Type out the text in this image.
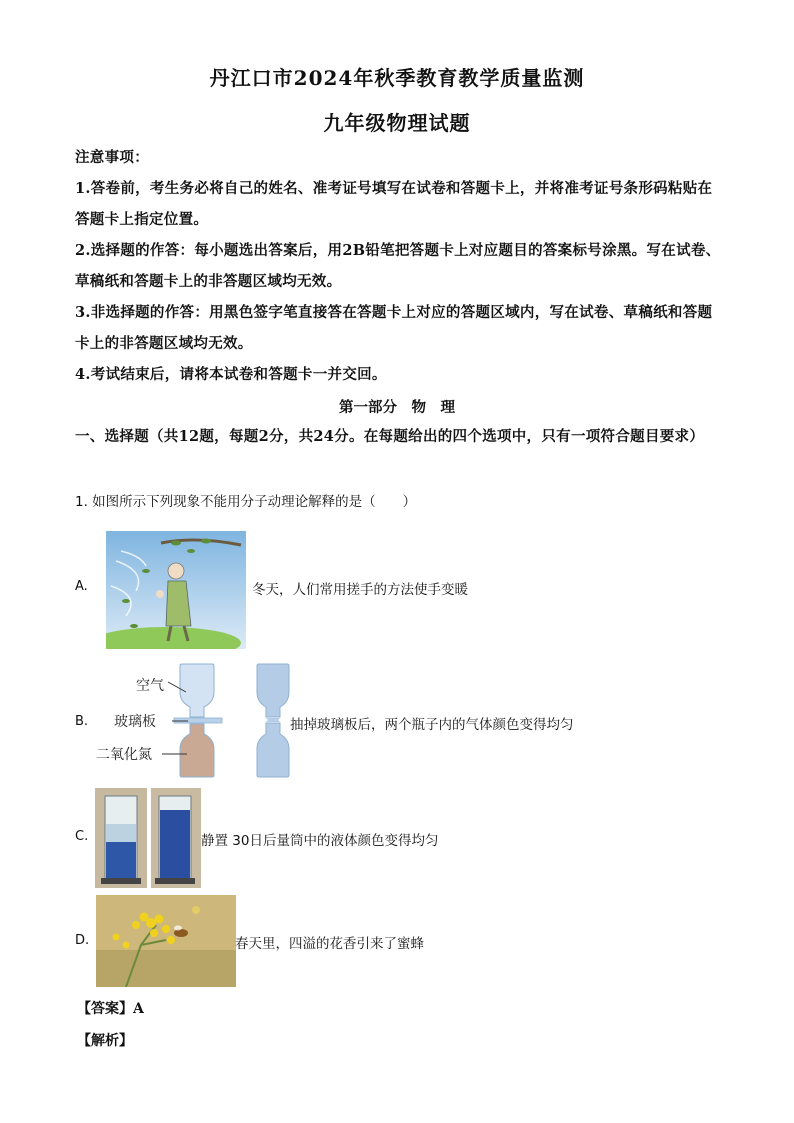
丹江口市2024年秋季教育教学质量监测
九年级物理试题
注意事项：
1.答卷前，考生务必将自己的姓名、准考证号填写在试卷和答题卡上，并将准考证号条形码粘贴在答题卡上指定位置。
2.选择题的作答：每小题选出答案后，用2B铅笔把答题卡上对应题目的答案标号涂黑。写在试卷、草稿纸和答题卡上的非答题区域均无效。
3.非选择题的作答：用黑色签字笔直接答在答题卡上对应的答题区域内，写在试卷、草稿纸和答题卡上的非答题区域均无效。
4.考试结束后，请将本试卷和答题卡一并交回。
第一部分　物　理
一、选择题（共12题，每题2分，共24分。在每题给出的四个选项中，只有一项符合题目要求）
1. 如图所示下列现象不能用分子动理论解释的是（　　）
A.	冬天，人们常用搓手的方法使手变暖
B.
空气
玻璃板
二氧化氮
抽掉玻璃板后，两个瓶子内的气体颜色变得均匀
C.	静置 30日后量筒中的液体颜色变得均匀
D.	春天里，四溢的花香引来了蜜蜂
【答案】A
【解析】
